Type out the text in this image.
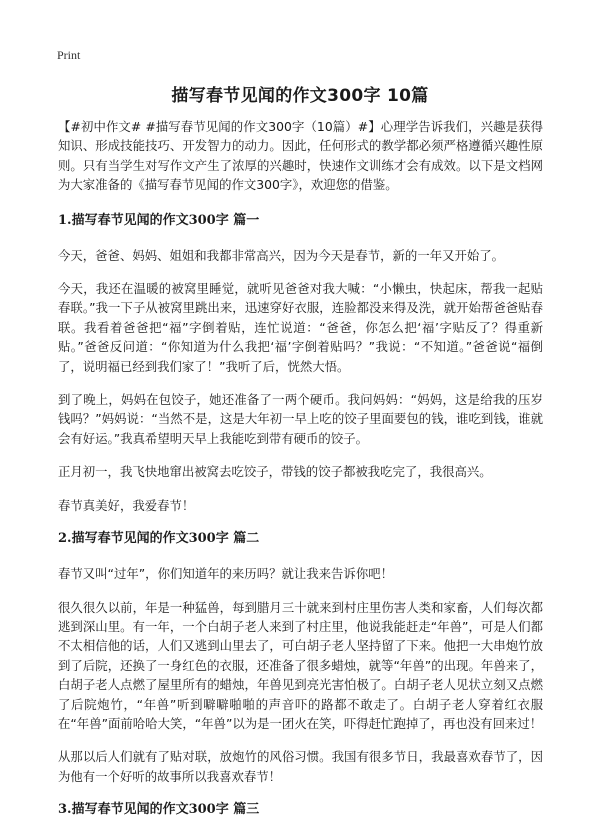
Print
描写春节见闻的作文300字 10篇

【#初中作文# #描写春节见闻的作文300字（10篇）#】心理学告诉我们，兴趣是获得知识、形成技能技巧、开发智力的动力。因此，任何形式的教学都必须严格遵循兴趣性原则。只有当学生对写作文产生了浓厚的兴趣时，快速作文训练才会有成效。以下是文档网为大家准备的《描写春节见闻的作文300字》，欢迎您的借鉴。

1.描写春节见闻的作文300字 篇一

今天，爸爸、妈妈、姐姐和我都非常高兴，因为今天是春节，新的一年又开始了。

今天，我还在温暖的被窝里睡觉，就听见爸爸对我大喊：“小懒虫，快起床，帮我一起贴春联。”我一下子从被窝里跳出来，迅速穿好衣服，连脸都没来得及洗，就开始帮爸爸贴春联。我看着爸爸把“福”字倒着贴，连忙说道：“爸爸，你怎么把‘福’字贴反了？得重新贴。”爸爸反问道：“你知道为什么我把‘福’字倒着贴吗？”我说：“不知道。”爸爸说“福倒了，说明福已经到我们家了！”我听了后，恍然大悟。

到了晚上，妈妈在包饺子，她还准备了一两个硬币。我问妈妈：“妈妈，这是给我的压岁钱吗？”妈妈说：“当然不是，这是大年初一早上吃的饺子里面要包的钱，谁吃到钱，谁就会有好运。”我真希望明天早上我能吃到带有硬币的饺子。

正月初一，我飞快地窜出被窝去吃饺子，带钱的饺子都被我吃完了，我很高兴。

春节真美好，我爱春节！

2.描写春节见闻的作文300字 篇二

春节又叫“过年”，你们知道年的来历吗？就让我来告诉你吧！

很久很久以前，年是一种猛兽，每到腊月三十就来到村庄里伤害人类和家畜，人们每次都逃到深山里。有一年，一个白胡子老人来到了村庄里，他说我能赶走“年兽”，可是人们都不太相信他的话，人们又逃到山里去了，可白胡子老人坚持留了下来。他把一大串炮竹放到了后院，还换了一身红色的衣服，还准备了很多蜡烛，就等“年兽”的出现。年兽来了，白胡子老人点燃了屋里所有的蜡烛，年兽见到亮光害怕极了。白胡子老人见状立刻又点燃了后院炮竹，“年兽”听到噼噼啪啪的声音吓的路都不敢走了。白胡子老人穿着红衣服在“年兽”面前哈哈大笑，“年兽”以为是一团火在笑，吓得赶忙跑掉了，再也没有回来过！

从那以后人们就有了贴对联，放炮竹的风俗习惯。我国有很多节日，我最喜欢春节了，因为他有一个好听的故事所以我喜欢春节！

3.描写春节见闻的作文300字 篇三
